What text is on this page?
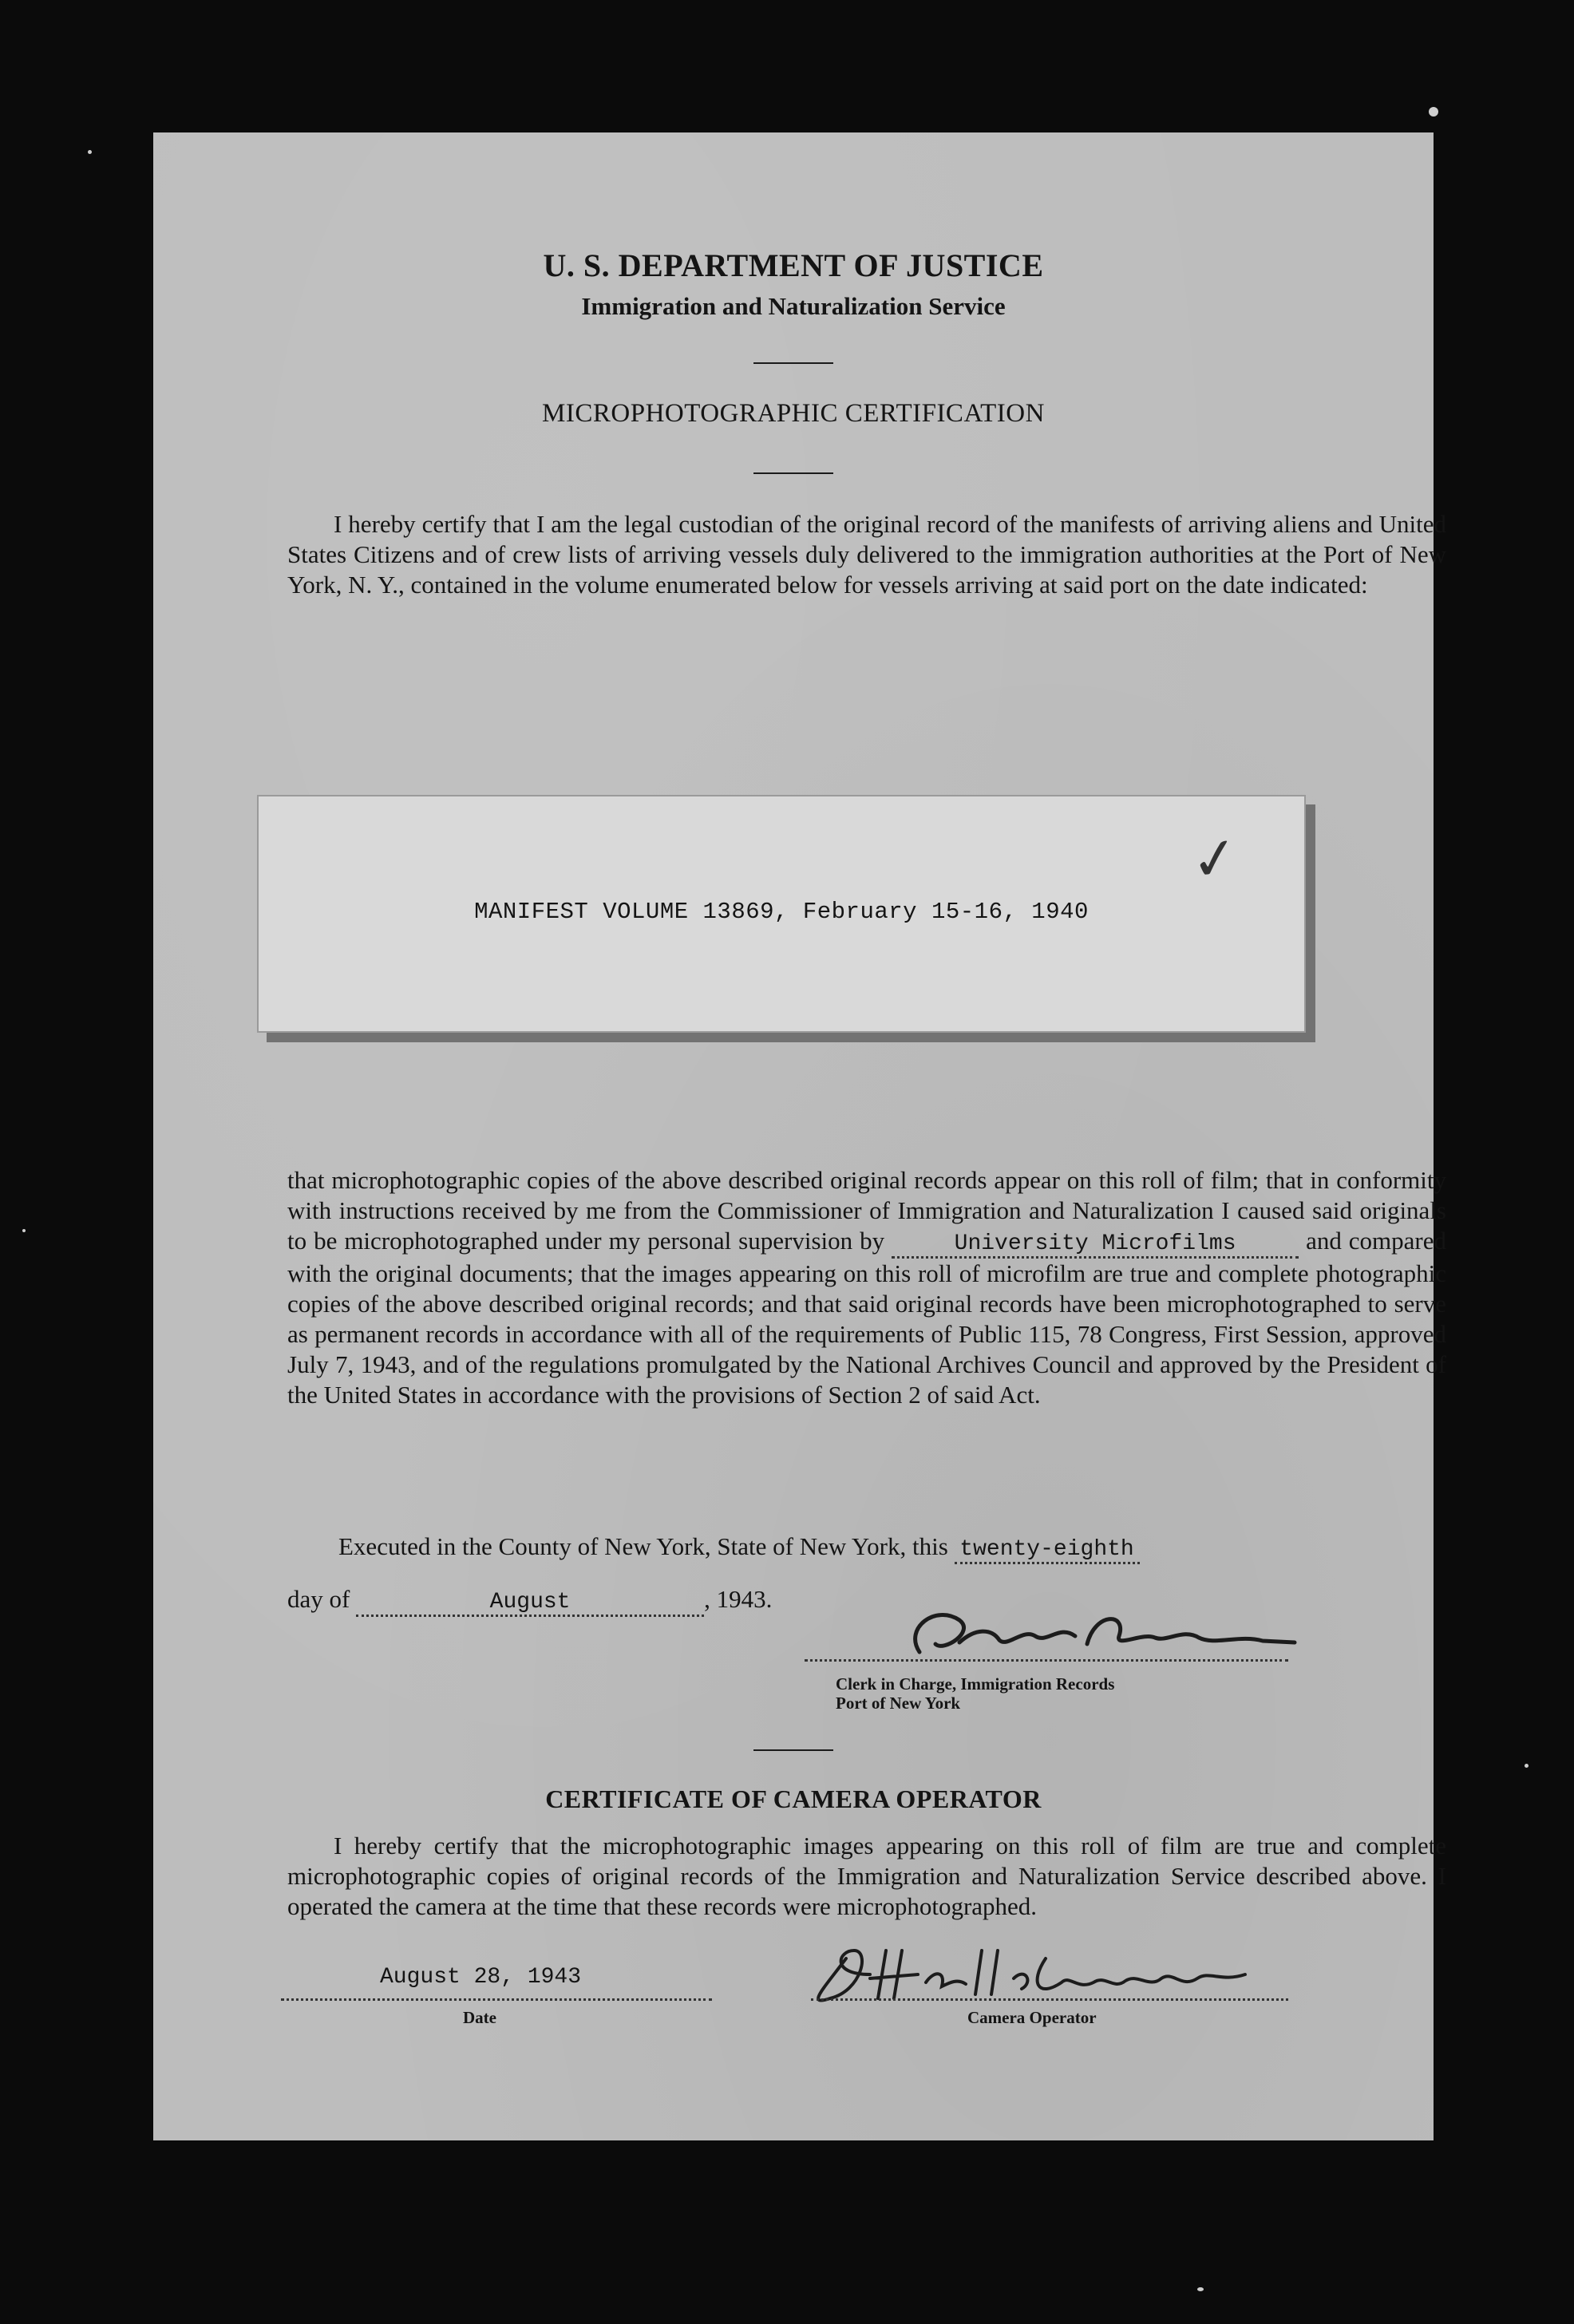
U. S. DEPARTMENT OF JUSTICE
Immigration and Naturalization Service
MICROPHOTOGRAPHIC CERTIFICATION

I hereby certify that I am the legal custodian of the original record of the manifests of arriving aliens and United States Citizens and of crew lists of arriving vessels duly delivered to the immigration authorities at the Port of New York, N. Y., contained in the volume enumerated below for vessels arriving at said port on the date indicated:

MANIFEST VOLUME 13869, February 15-16, 1940
✓

that microphotographic copies of the above described original records appear on this roll of film; that in conformity with instructions received by me from the Commissioner of Immigration and Naturalization I caused said originals to be microphotographed under my personal supervision by	University Microfilms	and compared with the original documents; that the images appearing on this roll of microfilm are true and complete photographic copies of the above described original records; and that said original records have been microphotographed to serve as permanent records in accordance with all of the requirements of Public 115, 78 Congress, First Session, approved July 7, 1943, and of the regulations promulgated by the National Archives Council and approved by the President of the United States in accordance with the provisions of Section 2 of said Act.

Executed in the County of New York, State of New York, this twenty-eighth
day of	August	, 1943.
Clerk in Charge, Immigration Records
Port of New York
CERTIFICATE OF CAMERA OPERATOR

I hereby certify that the microphotographic images appearing on this roll of film are true and complete microphotographic copies of original records of the Immigration and Naturalization Service described above. I operated the camera at the time that these records were microphotographed.

August 28, 1943
Date	Camera Operator
